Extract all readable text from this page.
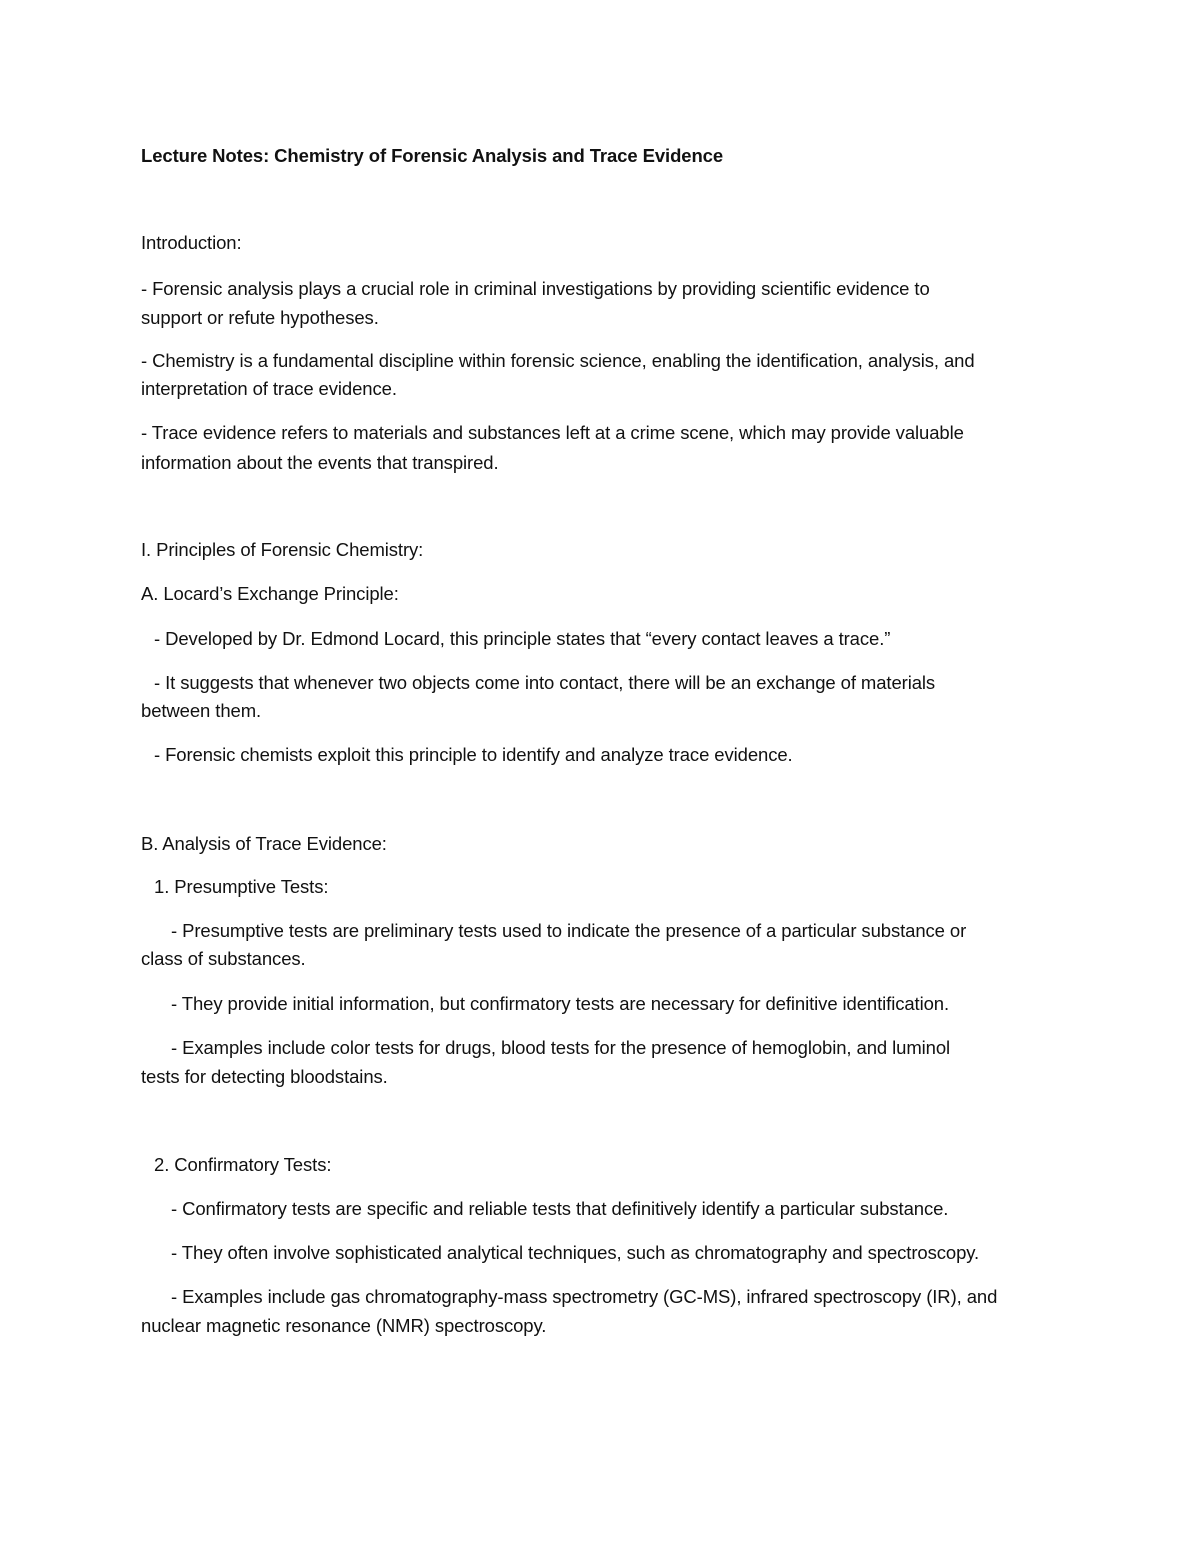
Lecture Notes: Chemistry of Forensic Analysis and Trace Evidence
Introduction:
- Forensic analysis plays a crucial role in criminal investigations by providing scientific evidence to
support or refute hypotheses.
- Chemistry is a fundamental discipline within forensic science, enabling the identification, analysis, and
interpretation of trace evidence.
- Trace evidence refers to materials and substances left at a crime scene, which may provide valuable
information about the events that transpired.
I. Principles of Forensic Chemistry:
A. Locard’s Exchange Principle:
- Developed by Dr. Edmond Locard, this principle states that “every contact leaves a trace.”
- It suggests that whenever two objects come into contact, there will be an exchange of materials
between them.
- Forensic chemists exploit this principle to identify and analyze trace evidence.
B. Analysis of Trace Evidence:
1. Presumptive Tests:
- Presumptive tests are preliminary tests used to indicate the presence of a particular substance or
class of substances.
- They provide initial information, but confirmatory tests are necessary for definitive identification.
- Examples include color tests for drugs, blood tests for the presence of hemoglobin, and luminol
tests for detecting bloodstains.
2. Confirmatory Tests:
- Confirmatory tests are specific and reliable tests that definitively identify a particular substance.
- They often involve sophisticated analytical techniques, such as chromatography and spectroscopy.
- Examples include gas chromatography-mass spectrometry (GC-MS), infrared spectroscopy (IR), and
nuclear magnetic resonance (NMR) spectroscopy.
